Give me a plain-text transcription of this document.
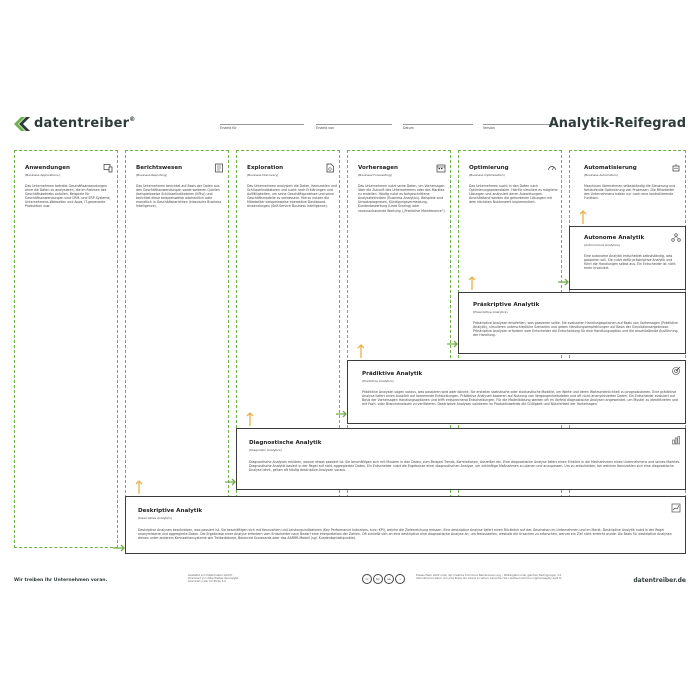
datentreiber®
Erstellt für	Erstellt von	Datum	Version	Analytik-Reifegrad
Anwendungen
(Business Applications)
Das Unternehmen betreibt Geschäftsanwendungen ohne die Daten zu analysieren, die im Rahmen des Geschäftsbetriebs anfallen. Beispiele für Geschäftsanwendungen sind CRM- und ERP-Systeme, Unternehmens-Webseiten und Apps, IT-gesteuerte Produktion usw.
Berichtswesen
(Business Reporting)
Das Unternehmen berichtet auf Basis der Daten aus den Geschäftsanwendungen sowie weiteren Quellen (beispielsweise Schlüsselindikatoren (KPIs)) und berichtet diese beispielsweise wöchentlich oder monatlich in Geschäftsberichten (klassische Business Intelligence).
Exploration
(Business Discovery)
Das Unternehmen analysiert die Daten, Kennzahlen und Schlüsselindikatoren und sucht nach Erklärungen und Auffälligkeiten, um seine Geschäftsprozesse und seine Geschäftsmodelle zu verbessern. Hierzu nutzen die Mitarbeiter beispielsweise interaktive Dashboard-Anwendungen (Self-Service Business Intelligence).
Vorhersagen
(Business Forecasting)
Das Unternehmen nutzt seine Daten, um Vorhersagen über die Zukunft des Unternehmens oder des Marktes zu erstellen. Häufig nutzt es fortgeschrittene Analysetechniken (Business Analytics). Beispiele sind Umsatzprognosen, Kündigungsvermeidung, Kundenbewertung (Lead Scoring) oder vorausschauende Wartung („Predictive Maintenance“).
Optimierung
(Business Optimization)
Das Unternehmen sucht in den Daten nach Optimierungspotenzialen. Hierfür simuliert es mögliche Lösungen und analysiert deren Auswirkungen. Anschließend werden die gefundenen Lösungen mit dem höchsten Nutzenwert implementiert.
Automatisierung
(Business Automation)
Maschinen übernehmen selbstständig die Steuerung und fortlaufende Optimierung von Prozessen. Die Mitarbeiter des Unternehmens haben nur noch eine kontrollierende Funktion.
Autonome Analytik
(Autonomous Analytics)
Eine autonome Analytik entscheidet selbstständig, was passieren soll. Sie nutzt dafür präskriptive Analytik und führt die Handlungen selbst aus. Ein Entscheider ist nicht mehr involviert.
Präskriptive Analytik
(Prescriptive Analytics)
Präskriptive Analysen empfehlen, was passieren sollte. Sie evaluieren Handlungsoptionen auf Basis von Vorhersagen (Prädiktive Analytik), simulieren unterschiedliche Szenarien und geben Handlungsempfehlungen auf Basis der Simulationsergebnisse. Präskriptive Analysen erfordern vom Entscheider die Entscheidung für eine Handlungsoption und die anschließende Ausführung der Handlung.
Prädiktive Analytik
(Predictive Analytics)
Prädiktive Analysen sagen voraus, was passieren wird oder könnte. Sie erstellen statistische oder stochastische Modelle, um Werte und deren Wahrscheinlichkeit zu prognostizieren. Eine prädiktive Analyse liefert einen Ausblick auf kommende Entwicklungen. Prädiktive Analysen basieren auf Nutzung von Vergangenheitsdaten und oft nicht anonymisierten Daten. Ein Entscheider evaluiert auf Basis der Vorhersagen Handlungsoptionen und trifft entsprechend Entscheidungen. Für die Modellbildung werden oft im Vorfeld diagnostische Analysen angewendet, um Muster zu identifizieren und mit Fach- oder Branchenwissen zu verifizieren. Deskriptive Analysen validieren im Produktivbetrieb die Gültigkeit und Nützlichkeit der Vorhersagen.
Diagnostische Analytik
(Diagnostic Analytics)
Diagnostische Analysen erklären, warum etwas passiert ist. Sie beschäftigen sich mit Mustern in den Daten, zum Beispiel Trends, Korrelationen, Ausreißer etc. Eine diagnostische Analyse liefert einen Einblick in die Mechanismen eines Unternehmens und seines Marktes. Diagnostische Analytik basiert in der Regel auf nicht aggregierten Daten. Ein Entscheider nutzt die Ergebnisse einer diagnostischen Analyse, um zukünftige Maßnahmen zu planen und anzupassen. Um zu entscheiden, bei welchen Kennzahlen sich eine diagnostische Analyse lohnt, gehen oft häufig deskriptive Analysen voraus.
Deskriptive Analytik
(Descriptive Analytics)
Deskriptive Analysen beschreiben, was passiert ist. Sie beschäftigen sich mit Kennzahlen und Leistungsindikatoren (Key Performance Indicators, kurz: KPI), welche die Zielerreichung messen. Eine deskriptive Analyse liefert einen Rückblick auf das Geschehen im Unternehmen und im Markt. Deskriptive Analytik nutzt in der Regel anonymisierte und aggregierte Daten. Die Ergebnisse einer Analyse erfordern vom Entscheider nach Bedarf eine Interpretation der Zahlen. Oft schließt sich an eine deskriptive eine diagnostische Analyse an, um festzustellen, weshalb die Ursachen zu erforschen, warum ein Ziel nicht erreicht wurde. Als Basis für deskriptive Analysen dienen unter anderem Kennzahlensysteme wie Treiberbäume, Balanced Scorecards oder das AARRR-Modell (sgl. Kundenkontaktpunkte).
Wir treiben Ihr Unternehmen voran.
Gestaltet von Datentreiber GmbH.
Download von datentreiber.de/analytik
Lizenziert unter CC BY-SA 4.0
cc	by	sa	i
Dieses Werk steht unter der Creative Commons Namensnennung – Weitergabe unter gleichen Bedingungen 4.0 International Lizenz. Um eine Kopie der Lizenz zu sehen, besuchen Sie creativecommons.org/licenses/by-sa/4.0/	datentreiber.de
